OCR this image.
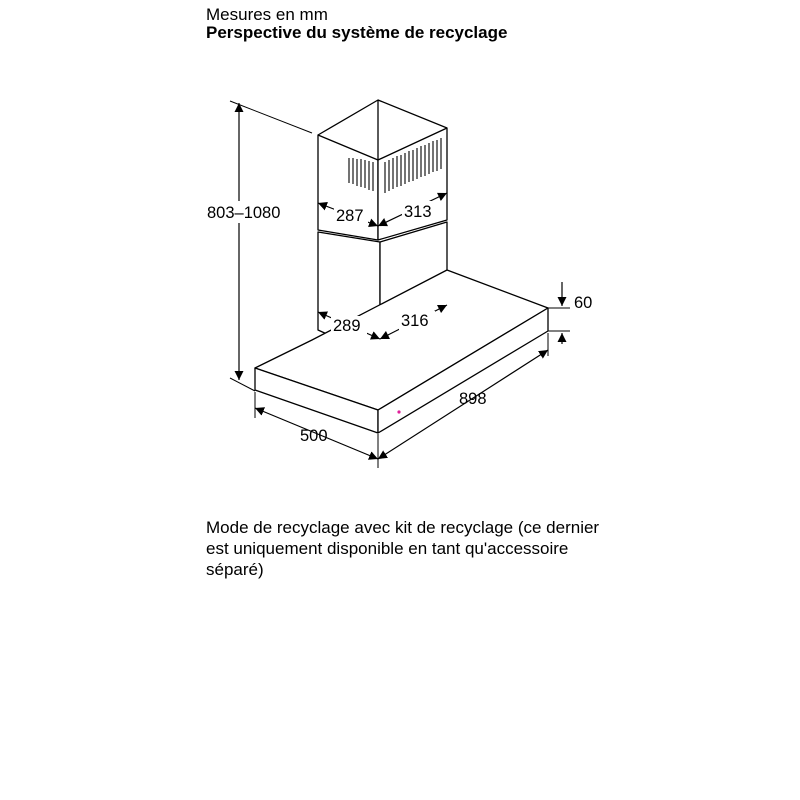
Mesures en mm
Perspective du système de recyclage
803–1080	287 313
289 316
60
898
500
Mode de recyclage avec kit de recyclage (ce dernier est uniquement disponible en tant qu'accessoire séparé)
